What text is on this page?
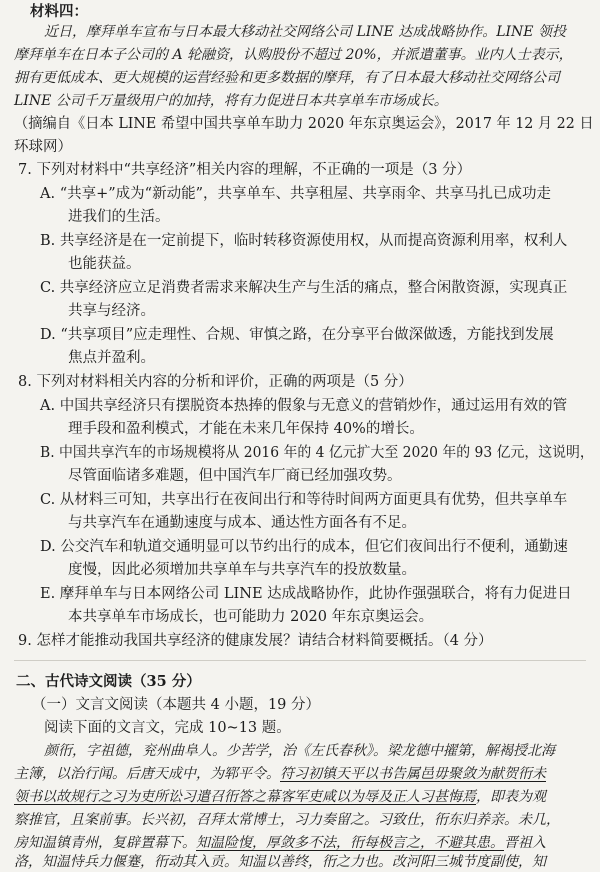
材料四：
近日，摩拜单车宣布与日本最大移动社交网络公司 LINE 达成战略协作。LINE 领投
摩拜单车在日本子公司的 A 轮融资，认购股份不超过 20%，并派遣董事。业内人士表示，
拥有更低成本、更大规模的运营经验和更多数据的摩拜，有了日本最大移动社交网络公司
LINE 公司千万量级用户的加持，将有力促进日本共享单车市场成长。
（摘编自《日本 LINE 希望中国共享单车助力 2020 年东京奥运会》，2017 年 12 月 22 日
环球网）
7. 下列对材料中“共享经济”相关内容的理解，不正确的一项是（3 分）
A. “共享+”成为“新动能”，共享单车、共享租屋、共享雨伞、共享马扎已成功走
进我们的生活。
B. 共享经济是在一定前提下，临时转移资源使用权，从而提高资源利用率，权利人
也能获益。
C. 共享经济应立足消费者需求来解决生产与生活的痛点，整合闲散资源，实现真正
共享与经济。
D. “共享项目”应走理性、合规、审慎之路，在分享平台做深做透，方能找到发展
焦点并盈利。
8. 下列对材料相关内容的分析和评价，正确的两项是（5 分）
A. 中国共享经济只有摆脱资本热捧的假象与无意义的营销炒作，通过运用有效的管
理手段和盈利模式，才能在未来几年保持 40%的增长。
B. 中国共享汽车的市场规模将从 2016 年的 4 亿元扩大至 2020 年的 93 亿元，这说明，
尽管面临诸多难题，但中国汽车厂商已经加强攻势。
C. 从材料三可知，共享出行在夜间出行和等待时间两方面更具有优势，但共享单车
与共享汽车在通勤速度与成本、通达性方面各有不足。
D. 公交汽车和轨道交通明显可以节约出行的成本，但它们夜间出行不便利，通勤速
度慢，因此必须增加共享单车与共享汽车的投放数量。
E. 摩拜单车与日本网络公司 LINE 达成战略协作，此协作强强联合，将有力促进日
本共享单车市场成长，也可能助力 2020 年东京奥运会。
9. 怎样才能推动我国共享经济的健康发展？请结合材料简要概括。（4 分）
二、古代诗文阅读（35 分）
（一）文言文阅读（本题共 4 小题，19 分）
阅读下面的文言文，完成 10~13 题。
颜衎，字祖德，兖州曲阜人。少苦学，治《左氏春秋》。梁龙德中擢第，解褐授北海
主簿，以治行闻。后唐天成中，为郓平令。符习初镇天平以书告属邑毋聚敛为献贺衎未
领书以故规行之习为吏所讼习遣召衎答之幕客军吏咸以为辱及正人习甚悔焉，即表为观
察推官，且案前事。长兴初，召拜太常博士，习力奏留之。习致仕，衎东归养亲。未几，
房知温镇青州，复辟置幕下。知温险愎，厚敛多不法，衎每极言之，不避其患。晋祖入
洛，知温恃兵力偃蹇，衎动其入贡。知温以善终，衎之力也。改河阳三城节度副使，知
